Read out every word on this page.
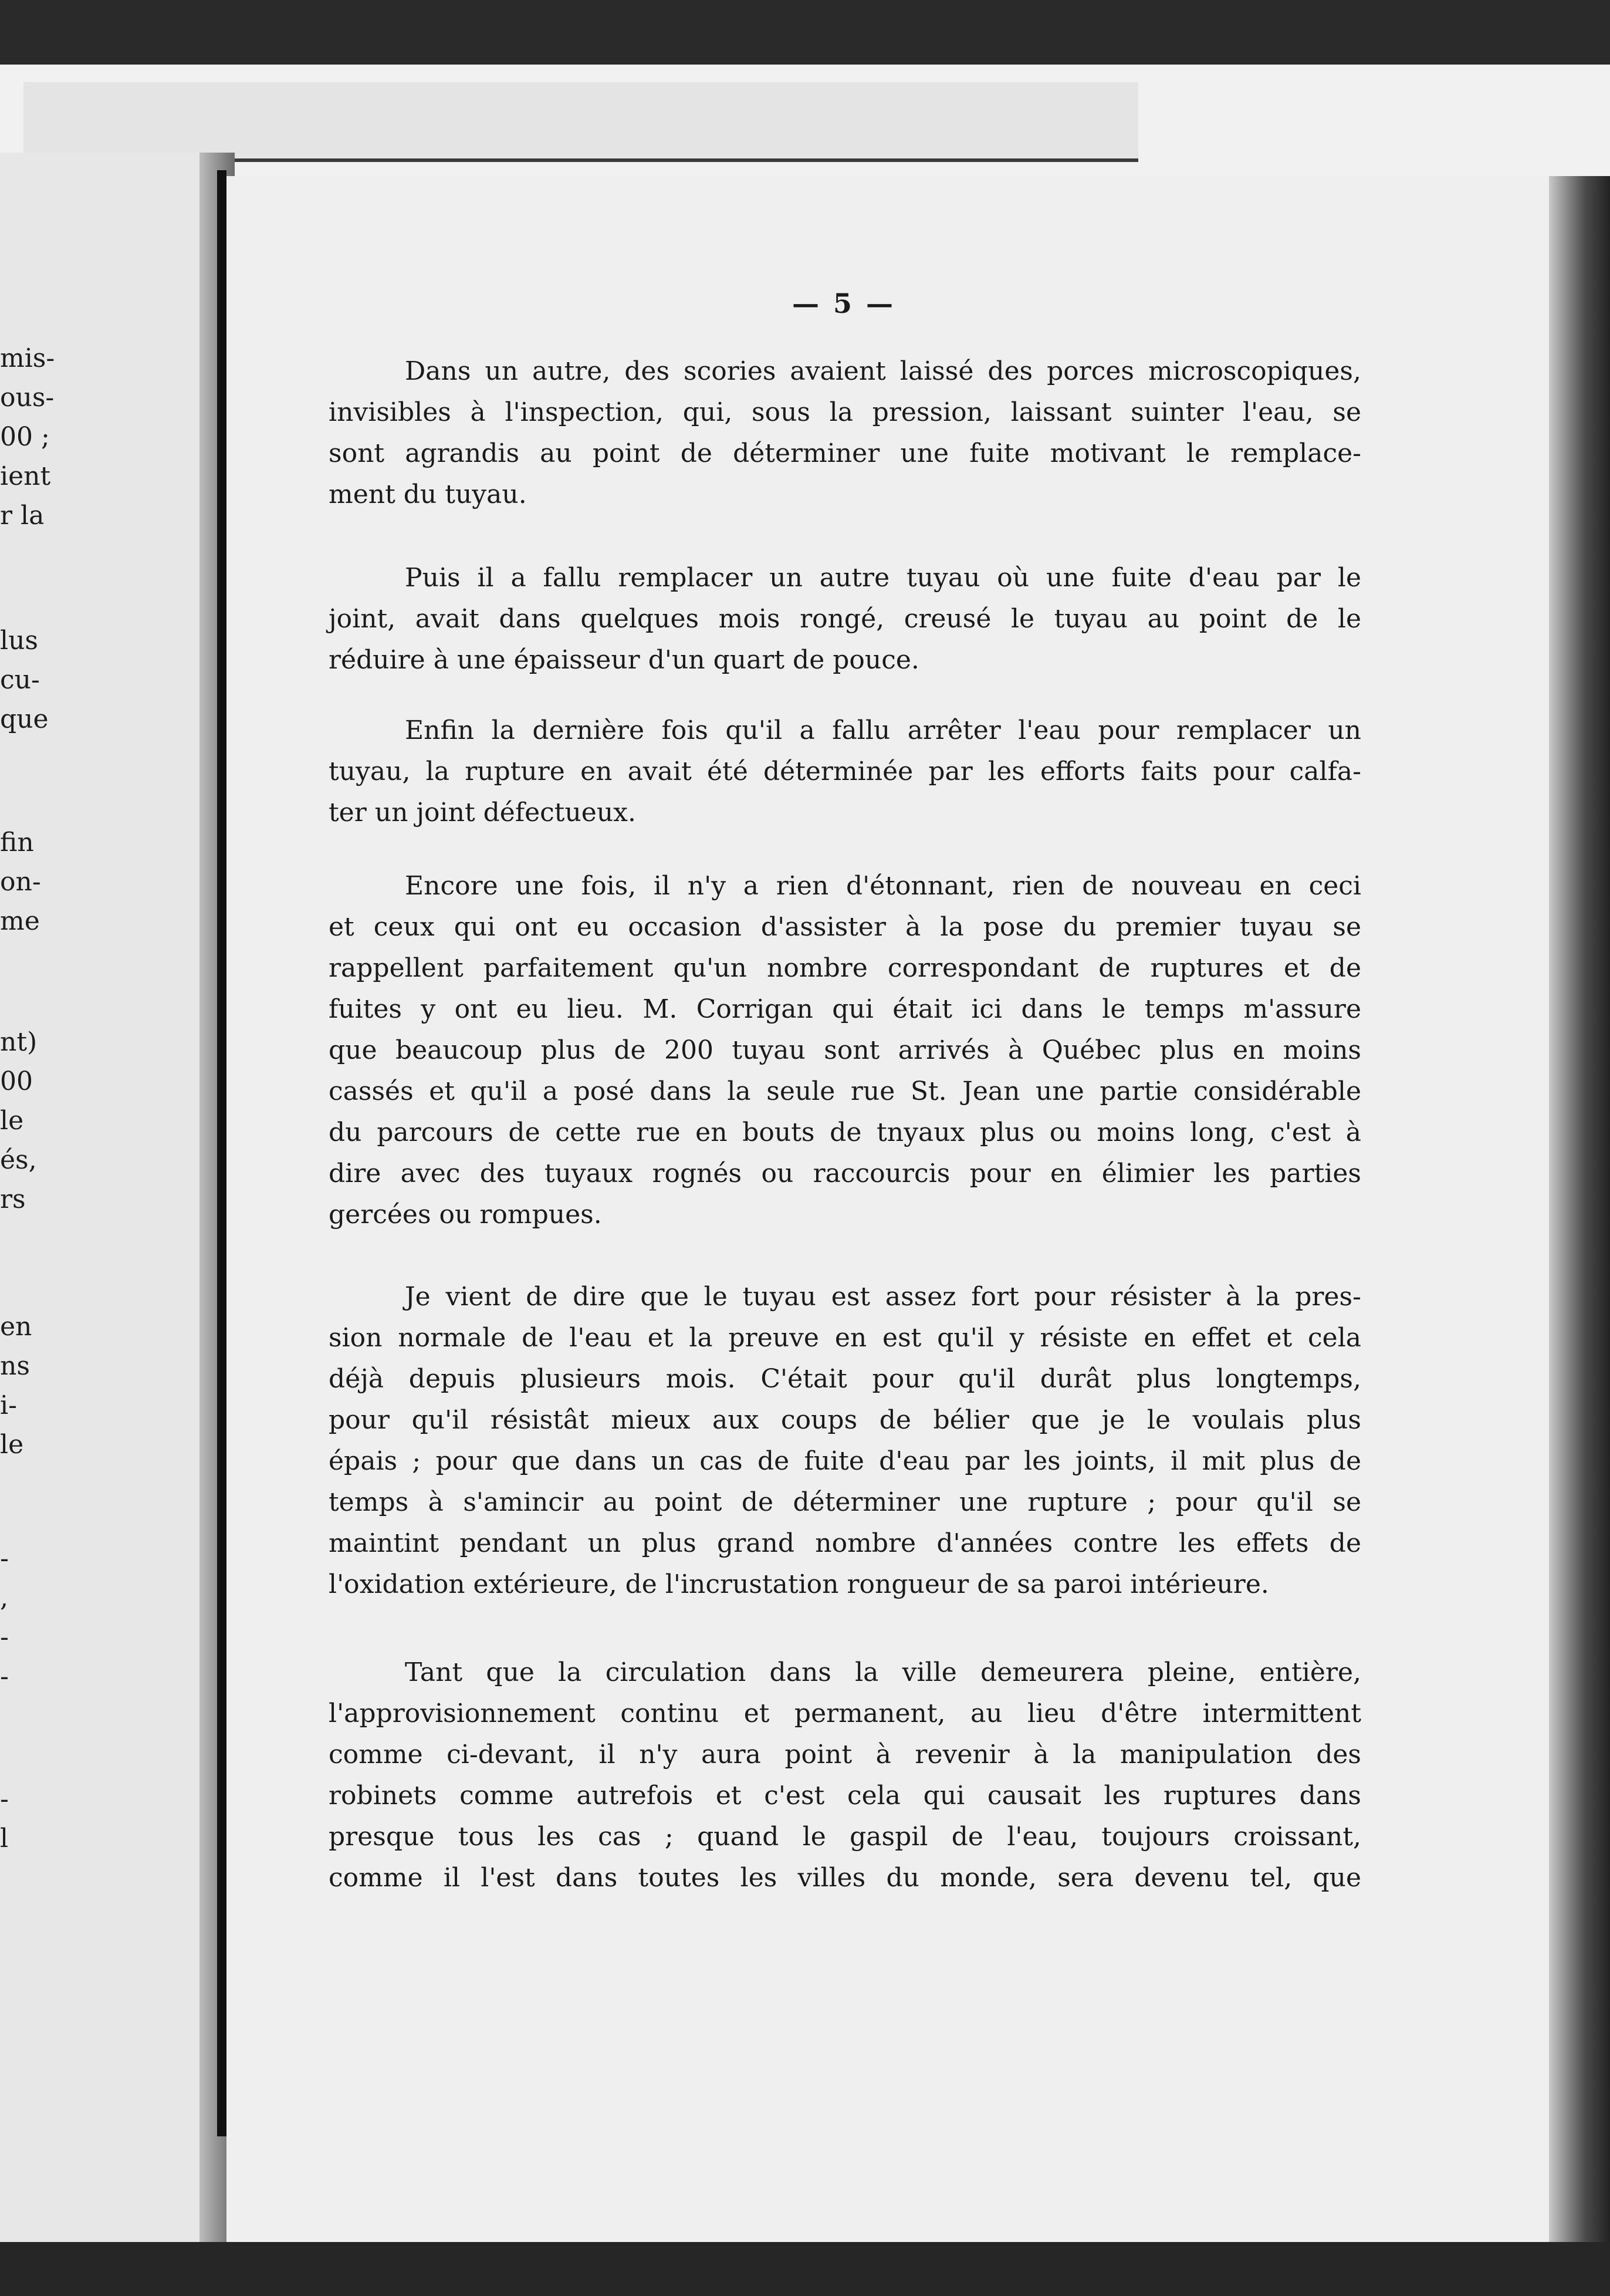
mis-
ous-
00 ;
ient
r la
lus
cu-
que
fin
on-
me
nt)
00
le
és,
rs
en
ns
i-
le
-
,
-
-
-
l
— 5 —
Dans un autre, des scories avaient laissé des porces microscopiques,
invisibles à l'inspection, qui, sous la pression, laissant suinter l'eau, se
sont agrandis au point de déterminer une fuite motivant le remplace-
ment du tuyau.
Puis il a fallu remplacer un autre tuyau où une fuite d'eau par le
joint, avait dans quelques mois rongé, creusé le tuyau au point de le
réduire à une épaisseur d'un quart de pouce.
Enfin la dernière fois qu'il a fallu arrêter l'eau pour remplacer un
tuyau, la rupture en avait été déterminée par les efforts faits pour calfa-
ter un joint défectueux.
Encore une fois, il n'y a rien d'étonnant, rien de nouveau en ceci
et ceux qui ont eu occasion d'assister à la pose du premier tuyau se
rappellent parfaitement qu'un nombre correspondant de ruptures et de
fuites y ont eu lieu. M. Corrigan qui était ici dans le temps m'assure
que beaucoup plus de 200 tuyau sont arrivés à Québec plus en moins
cassés et qu'il a posé dans la seule rue St. Jean une partie considérable
du parcours de cette rue en bouts de tnyaux plus ou moins long, c'est à
dire avec des tuyaux rognés ou raccourcis pour en élimier les parties
gercées ou rompues.
Je vient de dire que le tuyau est assez fort pour résister à la pres-
sion normale de l'eau et la preuve en est qu'il y résiste en effet et cela
déjà depuis plusieurs mois. C'était pour qu'il durât plus longtemps,
pour qu'il résistât mieux aux coups de bélier que je le voulais plus
épais ; pour que dans un cas de fuite d'eau par les joints, il mit plus de
temps à s'amincir au point de déterminer une rupture ; pour qu'il se
maintint pendant un plus grand nombre d'années contre les effets de
l'oxidation extérieure, de l'incrustation rongueur de sa paroi intérieure.
Tant que la circulation dans la ville demeurera pleine, entière,
l'approvisionnement continu et permanent, au lieu d'être intermittent
comme ci-devant, il n'y aura point à revenir à la manipulation des
robinets comme autrefois et c'est cela qui causait les ruptures dans
presque tous les cas ; quand le gaspil de l'eau, toujours croissant,
comme il l'est dans toutes les villes du monde, sera devenu tel, que
